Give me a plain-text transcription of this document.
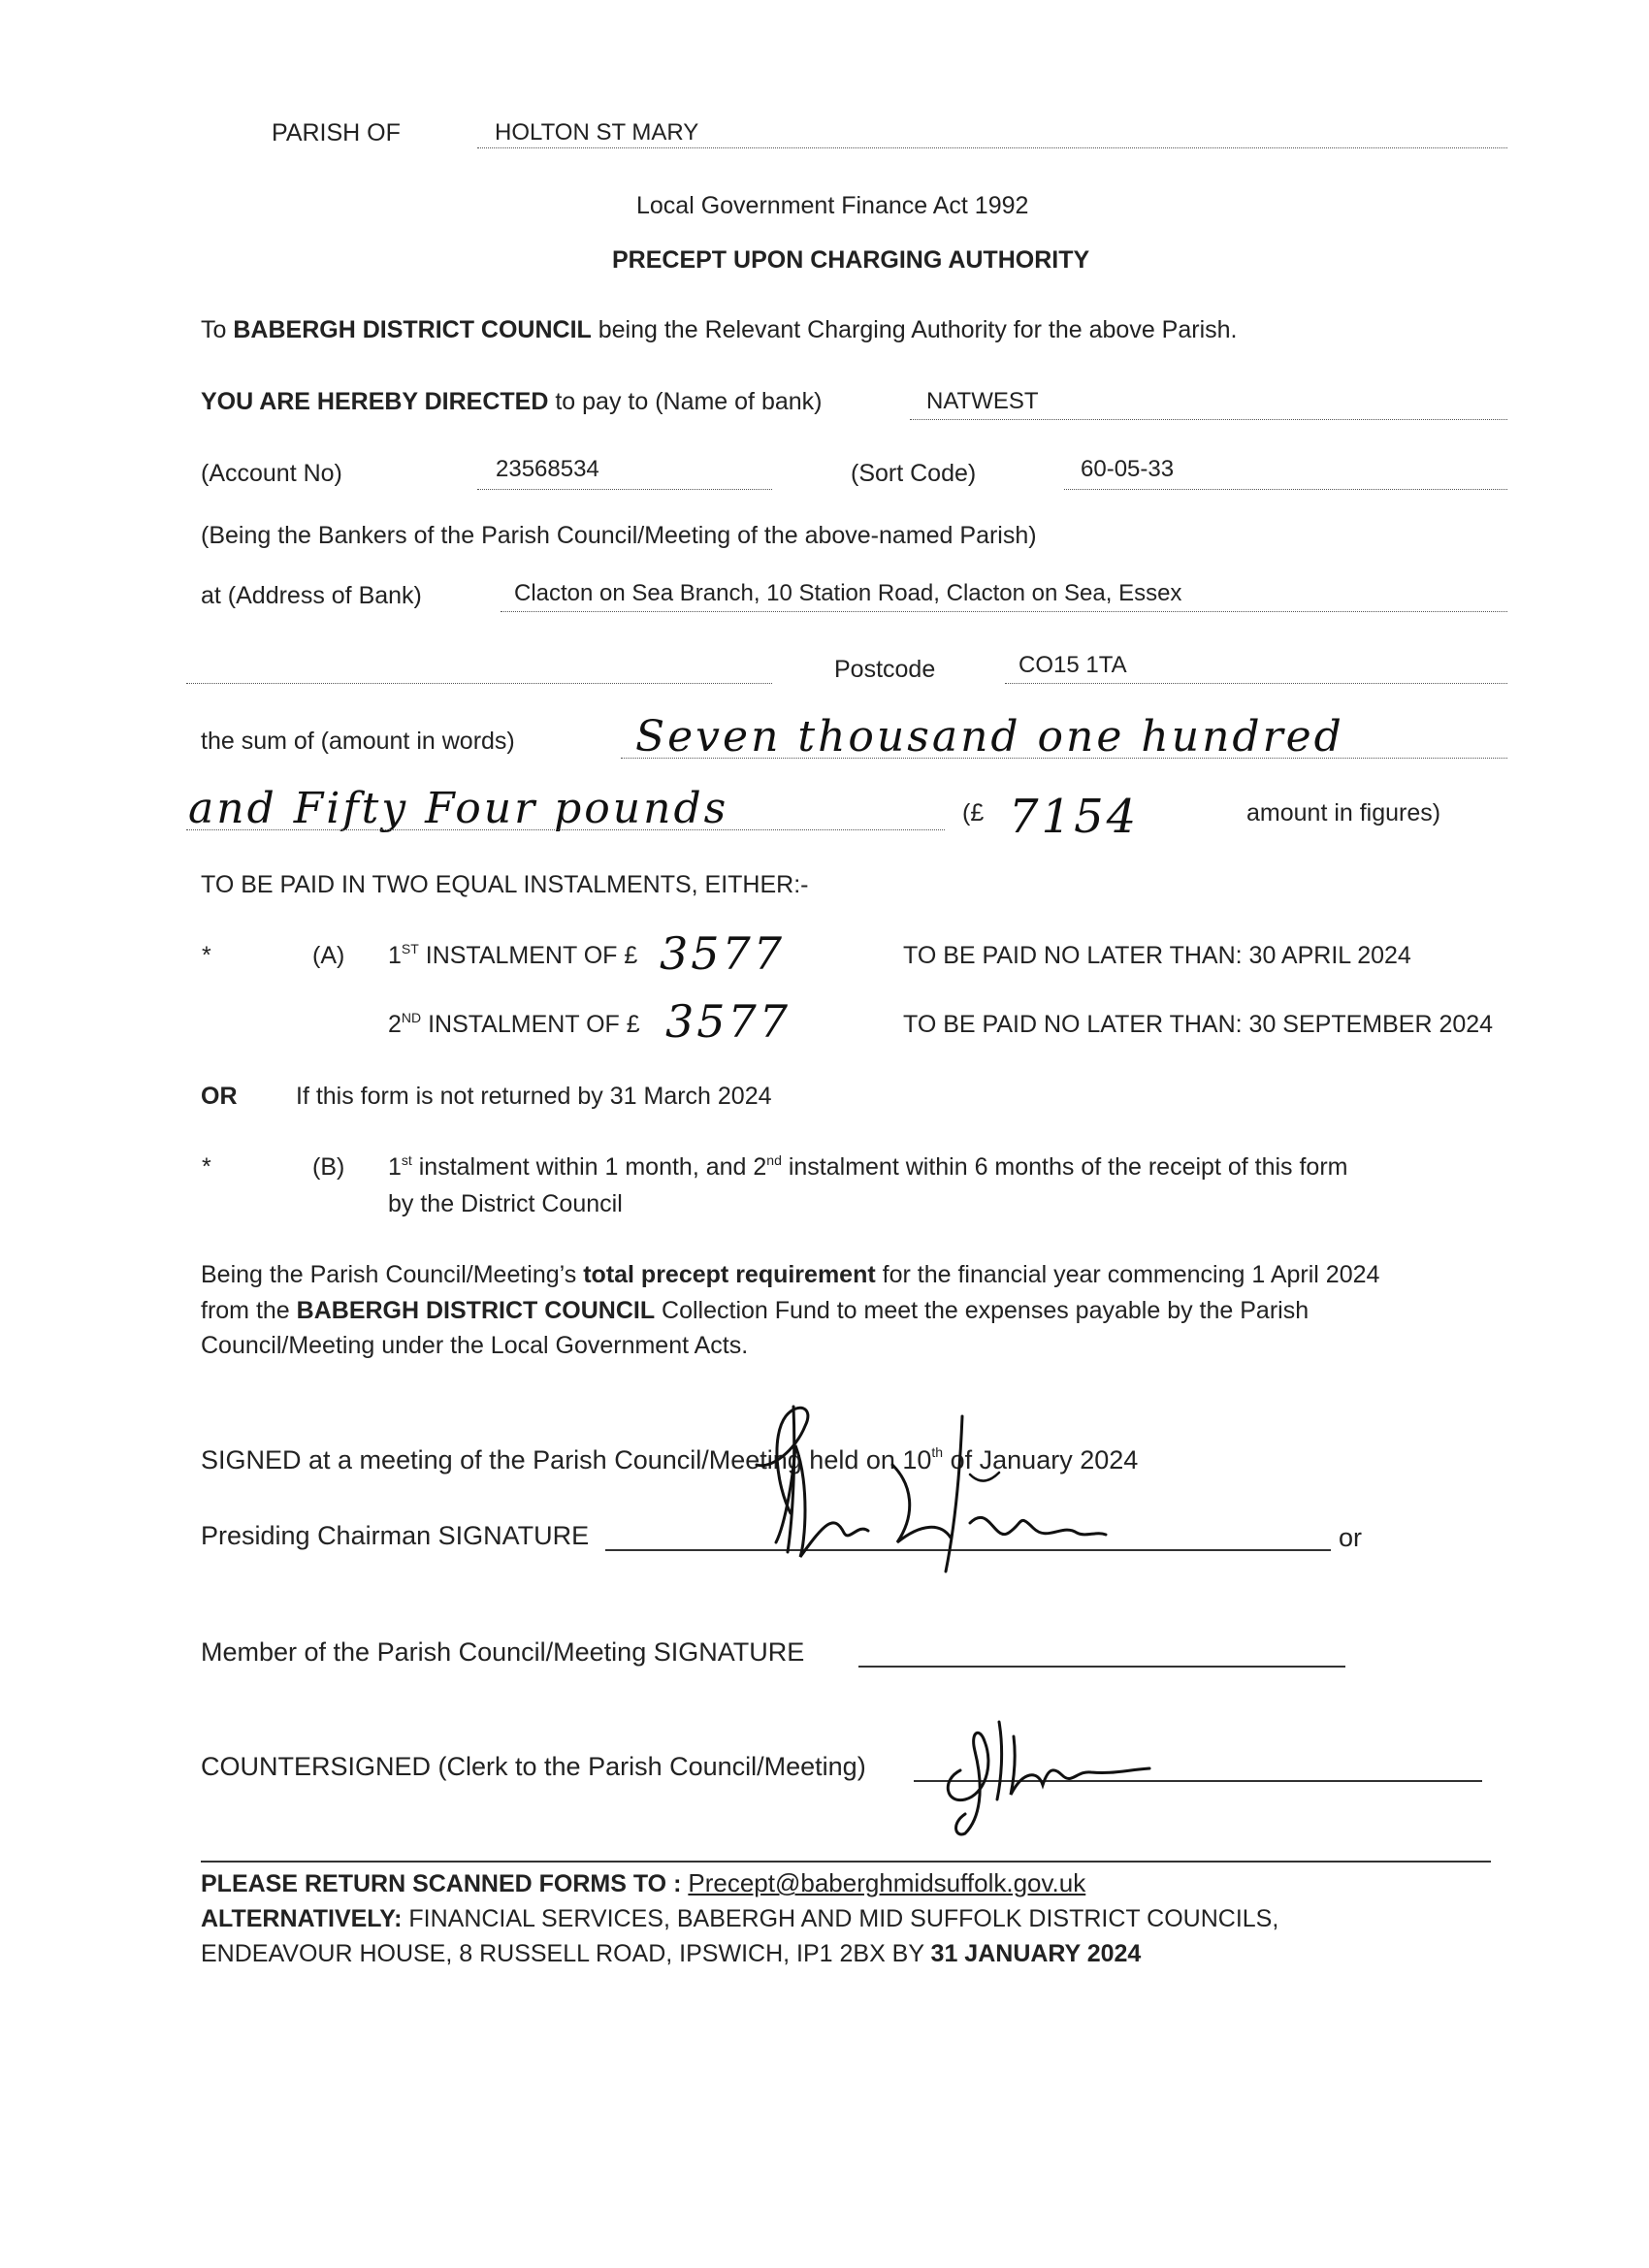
PARISH OF	HOLTON ST MARY
Local Government Finance Act 1992
PRECEPT UPON CHARGING AUTHORITY
To BABERGH DISTRICT COUNCIL being the Relevant Charging Authority for the above Parish.
YOU ARE HEREBY DIRECTED to pay to (Name of bank)	NATWEST
(Account No)	23568534	(Sort Code)	60-05-33
(Being the Bankers of the Parish Council/Meeting of the above-named Parish)
at (Address of Bank)	Clacton on Sea Branch, 10 Station Road, Clacton on Sea, Essex
Postcode	CO15 1TA
the sum of (amount in words)	Seven thousand one hundred
and Fifty Four pounds	(£ 7154	amount in figures)
TO BE PAID IN TWO EQUAL INSTALMENTS, EITHER:-
*	(A) 1ST INSTALMENT OF £ 3577	TO BE PAID NO LATER THAN: 30 APRIL 2024
2ND INSTALMENT OF £ 3577	TO BE PAID NO LATER THAN: 30 SEPTEMBER 2024
OR If this form is not returned by 31 March 2024
*	(B) 1st instalment within 1 month, and 2nd instalment within 6 months of the receipt of this form
by the District Council
Being the Parish Council/Meeting’s total precept requirement for the financial year commencing 1 April 2024
from the BABERGH DISTRICT COUNCIL Collection Fund to meet the expenses payable by the Parish
Council/Meeting under the Local Government Acts.
SIGNED at a meeting of the Parish Council/Meeting held on 10th of January 2024
Presiding Chairman SIGNATURE	or
Member of the Parish Council/Meeting SIGNATURE
COUNTERSIGNED (Clerk to the Parish Council/Meeting)
PLEASE RETURN SCANNED FORMS TO : Precept@baberghmidsuffolk.gov.uk
ALTERNATIVELY: FINANCIAL SERVICES, BABERGH AND MID SUFFOLK DISTRICT COUNCILS,
ENDEAVOUR HOUSE, 8 RUSSELL ROAD, IPSWICH, IP1 2BX BY 31 JANUARY 2024
